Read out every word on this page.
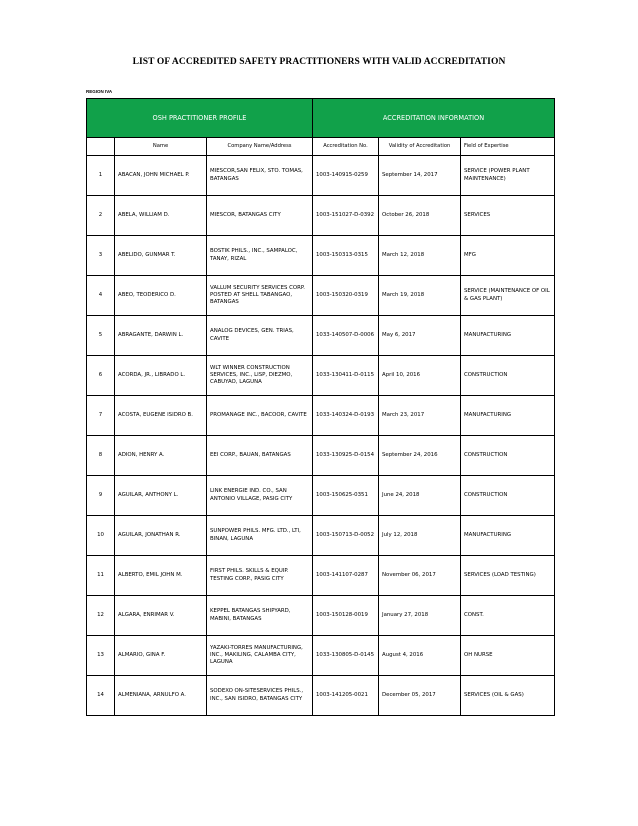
LIST OF ACCREDITED SAFETY PRACTITIONERS WITH VALID ACCREDITATION
REGION IVA
OSH PRACTITIONER PROFILE			ACCREDITATION INFORMATION		
	Name	Company Name/Address	Accreditation No.	Validity of Accreditation	Field of Expertise
1	ABACAN, JOHN MICHAEL P.	MIESCOR,SAN FELIX, STO. TOMAS, BATANGAS	1003-140915-0259	September 14, 2017	SERVICE (POWER PLANT MAINTENANCE)
2	ABELA, WILLIAM D.	MIESCOR, BATANGAS CITY	1003-151027-D-0392	October 26, 2018	SERVICES
3	ABELIDO, GUNMAR T.	BOSTIK PHILS., INC., SAMPALOC, TANAY, RIZAL	1003-150313-0315	March 12, 2018	MFG
4	ABEO, TEODERICO D.	VALLUM SECURITY SERVICES CORP. POSTED AT SHELL TABANGAO, BATANGAS	1003-150320-0319	March 19, 2018	SERVICE (MAINTENANCE OF OIL & GAS PLANT)
5	ABRAGANTE, DARWIN L.	ANALOG DEVICES, GEN. TRIAS, CAVITE	1033-140507-D-0006	May 6, 2017	MANUFACTURING
6	ACORDA, JR., LIBRADO L.	WLT WINNER CONSTRUCTION SERVICES, INC., LISP, DIEZMO, CABUYAO, LAGUNA	1033-130411-D-0115	April 10, 2016	CONSTRUCTION
7	ACOSTA, EUGENE ISIDRO B.	PROMANAGE INC., BACOOR, CAVITE	1033-140324-D-0193	March 23, 2017	MANUFACTURING
8	ADION, HENRY A.	EEI CORP., BAUAN, BATANGAS	1033-130925-D-0154	September 24, 2016	CONSTRUCTION
9	AGUILAR, ANTHONY L.	LINK ENERGIE IND. CO., SAN ANTONIO VILLAGE, PASIG CITY	1003-150625-0351	June 24, 2018	CONSTRUCTION
10	AGUILAR, JONATHAN R.	SUNPOWER PHILS. MFG. LTD., LTI, BINAN, LAGUNA	1003-150713-D-0052	July 12, 2018	MANUFACTURING
11	ALBERTO, EMIL JOHN M.	FIRST PHILS. SKILLS & EQUIP. TESTING CORP., PASIG CITY	1003-141107-0287	November 06, 2017	SERVICES (LOAD TESTING)
12	ALGARA, ENRIMAR V.	KEPPEL BATANGAS SHIPYARD, MABINI, BATANGAS	1003-150128-0019	January 27, 2018	CONST.
13	ALMARIO, GINA F.	YAZAKI-TORRES MANUFACTURING, INC., MAKILING, CALAMBA CITY, LAGUNA	1033-130805-D-0145	August 4, 2016	OH NURSE
14	ALMENIANA, ARNULFO A.	SODEXO ON-SITESERVICES PHILS., INC., SAN ISIDRO, BATANGAS CITY	1003-141205-0021	December 05, 2017	SERVICES (OIL & GAS)
